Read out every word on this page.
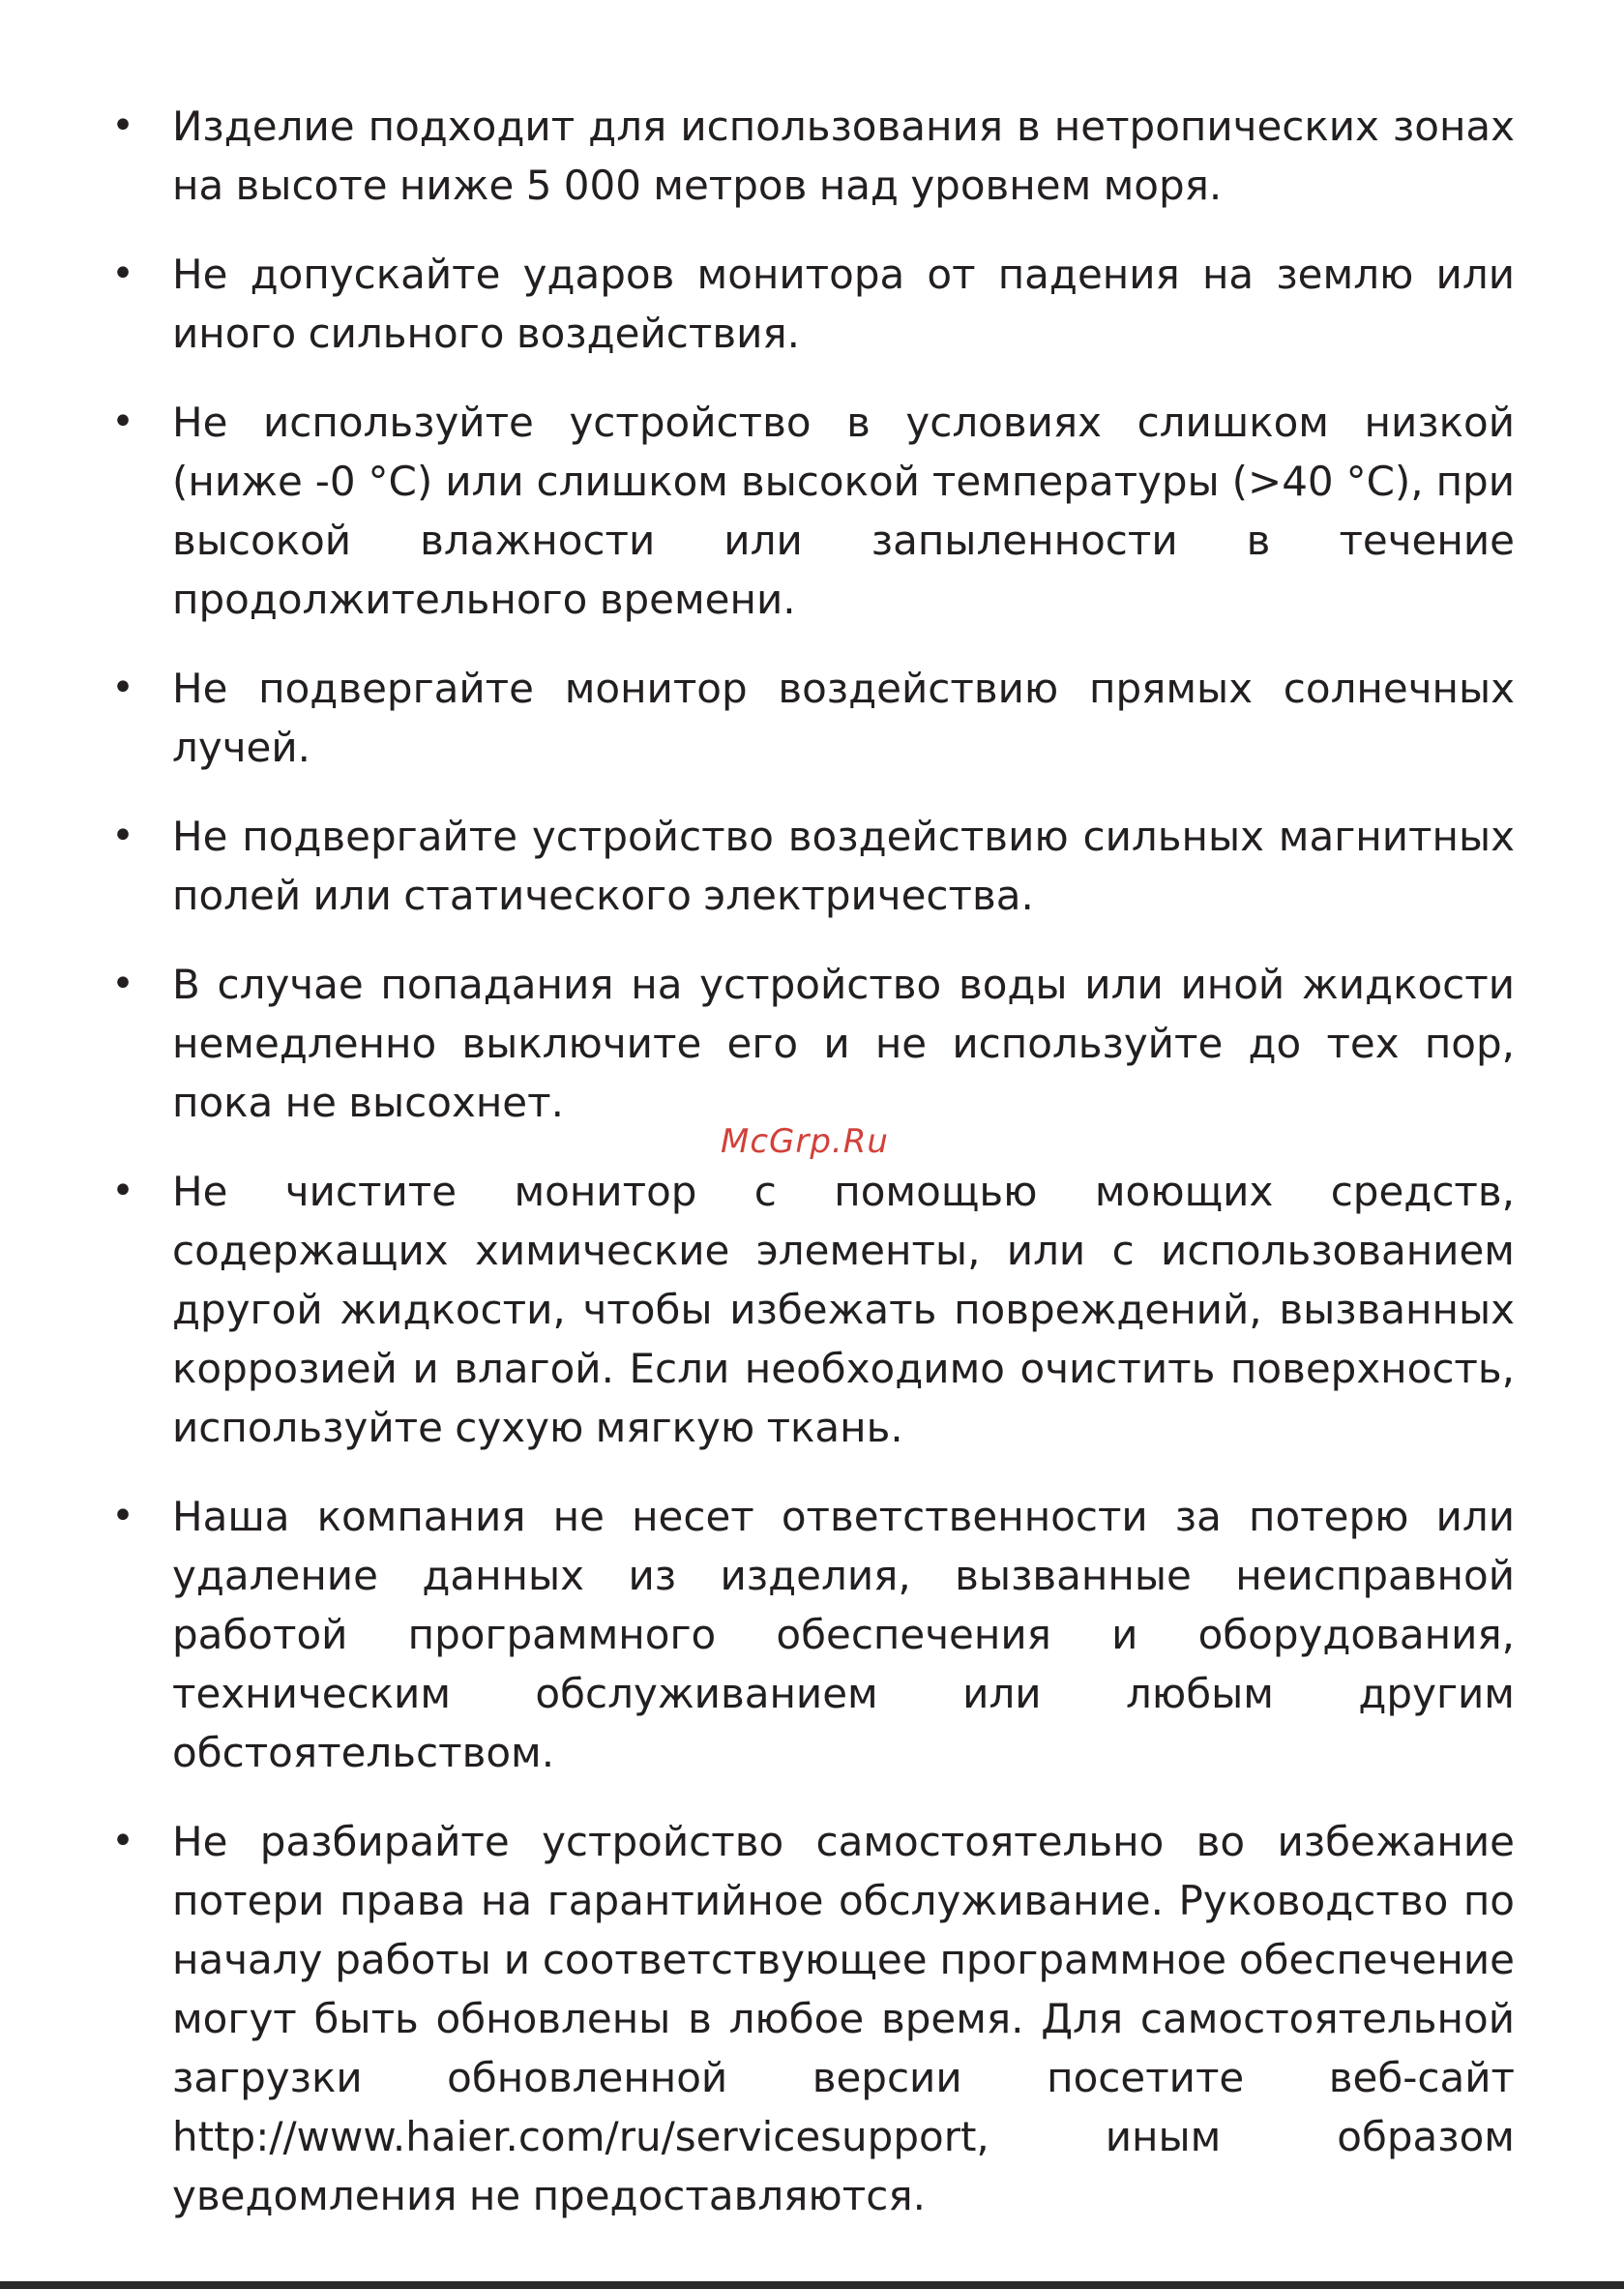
• Изделие подходит для использования в нетропических зонах на высоте ниже 5 000 метров над уровнем моря.
• Не допускайте ударов монитора от падения на землю или иного сильного воздействия.
• Не используйте устройство в условиях слишком низкой (ниже -0 °C) или слишком высокой температуры (>40 °C), при высокой влажности или запыленности в течение продолжительного времени.
• Не подвергайте монитор воздействию прямых солнечных лучей.
• Не подвергайте устройство воздействию сильных магнитных полей или статического электричества.
• В случае попадания на устройство воды или иной жидкости немедленно выключите его и не используйте до тех пор, пока не высохнет.
• Не чистите монитор с помощью моющих средств, содержащих химические элементы, или с использованием другой жидкости, чтобы избежать повреждений, вызванных коррозией и влагой. Если необходимо очистить поверхность, используйте сухую мягкую ткань.
• Наша компания не несет ответственности за потерю или удаление данных из изделия, вызванные неисправной работой программного обеспечения и оборудования, техническим обслуживанием или любым другим обстоятельством.
• Не разбирайте устройство самостоятельно во избежание потери права на гарантийное обслуживание. Руководство по началу работы и соответствующее программное обеспечение могут быть обновлены в любое время. Для самостоятельной загрузки обновленной версии посетите веб-сайт http://www.haier.com/ru/servicesupport, иным образом уведомления не предоставляются.
McGrp.Ru
